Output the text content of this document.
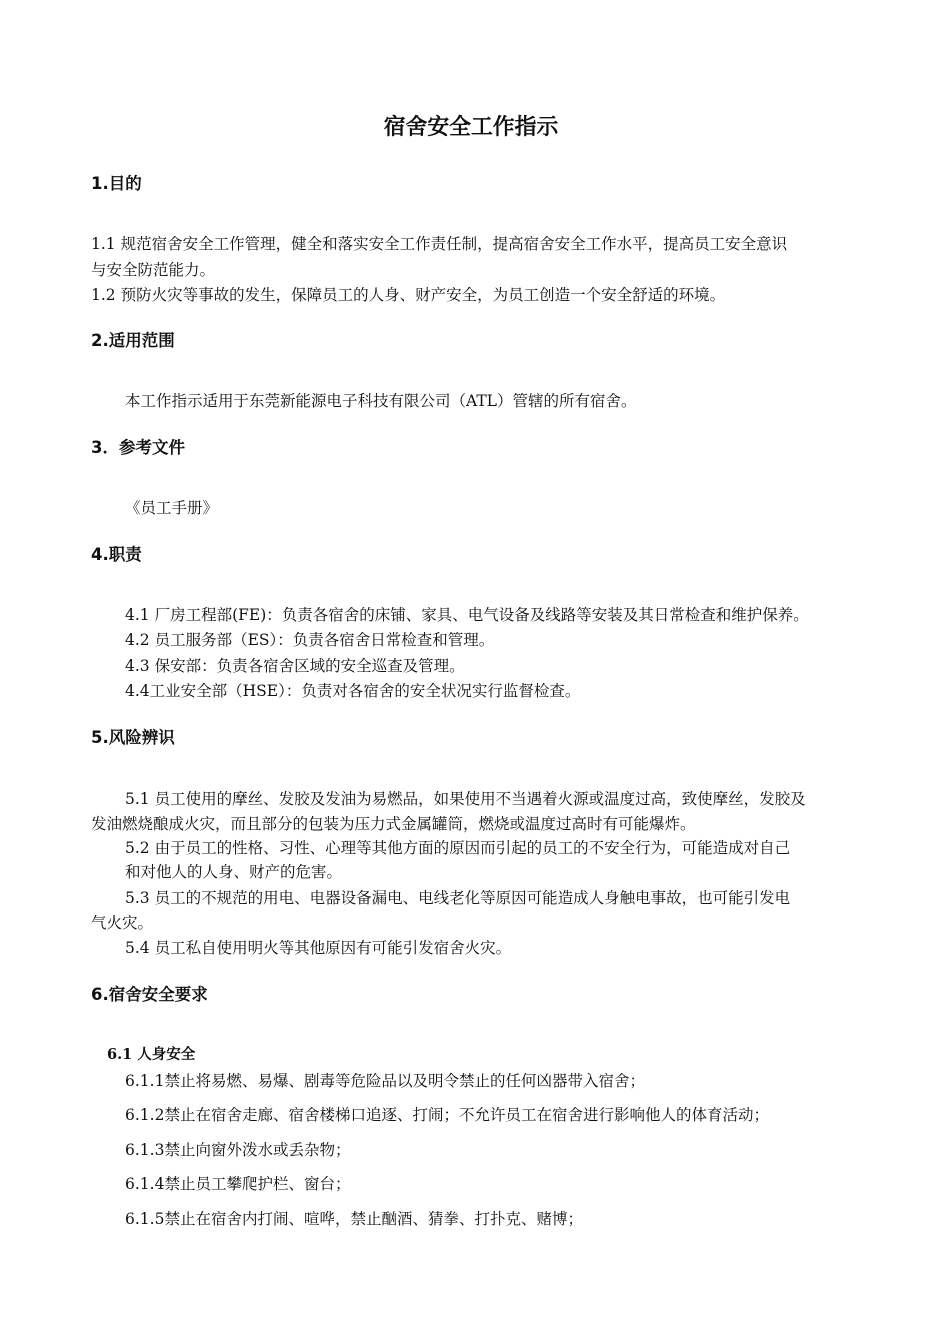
宿舍安全工作指示
1.目的
1.1 规范宿舍安全工作管理，健全和落实安全工作责任制，提高宿舍安全工作水平，提高员工安全意识
与安全防范能力。
1.2 预防火灾等事故的发生，保障员工的人身、财产安全，为员工创造一个安全舒适的环境。
2.适用范围
本工作指示适用于东莞新能源电子科技有限公司（ATL）管辖的所有宿舍。
3．参考文件
《员工手册》
4.职责
4.1 厂房工程部(FE)：负责各宿舍的床铺、家具、电气设备及线路等安装及其日常检查和维护保养。
4.2 员工服务部（ES）：负责各宿舍日常检查和管理。
4.3 保安部：负责各宿舍区域的安全巡查及管理。
4.4工业安全部（HSE）：负责对各宿舍的安全状况实行监督检查。
5.风险辨识
5.1 员工使用的摩丝、发胶及发油为易燃品，如果使用不当遇着火源或温度过高，致使摩丝，发胶及
发油燃烧酿成火灾，而且部分的包装为压力式金属罐筒，燃烧或温度过高时有可能爆炸。
5.2 由于员工的性格、习性、心理等其他方面的原因而引起的员工的不安全行为，可能造成对自己
和对他人的人身、财产的危害。
5.3 员工的不规范的用电、电器设备漏电、电线老化等原因可能造成人身触电事故，也可能引发电
气火灾。
5.4 员工私自使用明火等其他原因有可能引发宿舍火灾。
6.宿舍安全要求
6.1 人身安全
6.1.1禁止将易燃、易爆、剧毒等危险品以及明令禁止的任何凶器带入宿舍；
6.1.2禁止在宿舍走廊、宿舍楼梯口追逐、打闹；不允许员工在宿舍进行影响他人的体育活动；
6.1.3禁止向窗外泼水或丢杂物；
6.1.4禁止员工攀爬护栏、窗台；
6.1.5禁止在宿舍内打闹、喧哗，禁止酗酒、猜拳、打扑克、赌博；
